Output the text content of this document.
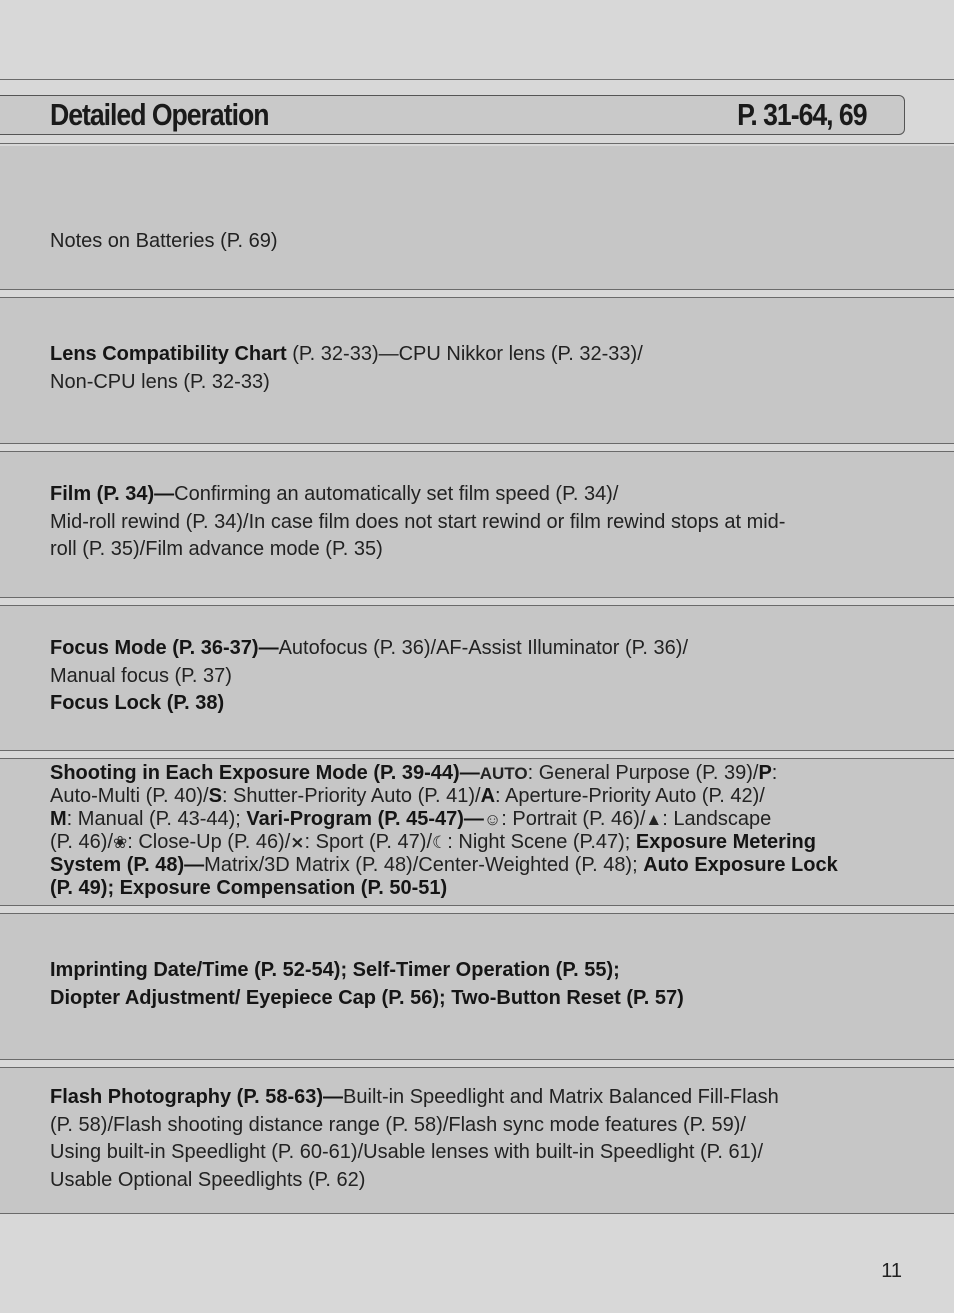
Detailed Operation	P. 31-64, 69

Notes on Batteries (P. 69)

Lens Compatibility Chart (P. 32-33)—CPU Nikkor lens (P. 32-33)/
Non-CPU lens (P. 32-33)
Film (P. 34)—Confirming an automatically set film speed (P. 34)/
Mid-roll rewind (P. 34)/In case film does not start rewind or film rewind stops at mid-
roll (P. 35)/Film advance mode (P. 35)
Focus Mode (P. 36-37)—Autofocus (P. 36)/AF-Assist Illuminator (P. 36)/
Manual focus (P. 37)
Focus Lock (P. 38)
Shooting in Each Exposure Mode (P. 39-44)—AUTO: General Purpose (P. 39)/P:
Auto-Multi (P. 40)/S: Shutter-Priority Auto (P. 41)/A: Aperture-Priority Auto (P. 42)/
M: Manual (P. 43-44); Vari-Program (P. 45-47)—☺: Portrait (P. 46)/▲: Landscape
(P. 46)/❀: Close-Up (P. 46)/⨯: Sport (P. 47)/☾: Night Scene (P.47); Exposure Metering
System (P. 48)—Matrix/3D Matrix (P. 48)/Center-Weighted (P. 48); Auto Exposure Lock
(P. 49); Exposure Compensation (P. 50-51)
Imprinting Date/Time (P. 52-54); Self-Timer Operation (P. 55);
Diopter Adjustment/ Eyepiece Cap (P. 56); Two-Button Reset (P. 57)
Flash Photography (P. 58-63)—Built-in Speedlight and Matrix Balanced Fill-Flash
(P. 58)/Flash shooting distance range (P. 58)/Flash sync mode features (P. 59)/
Using built-in Speedlight (P. 60-61)/Usable lenses with built-in Speedlight (P. 61)/
Usable Optional Speedlights (P. 62)
11
